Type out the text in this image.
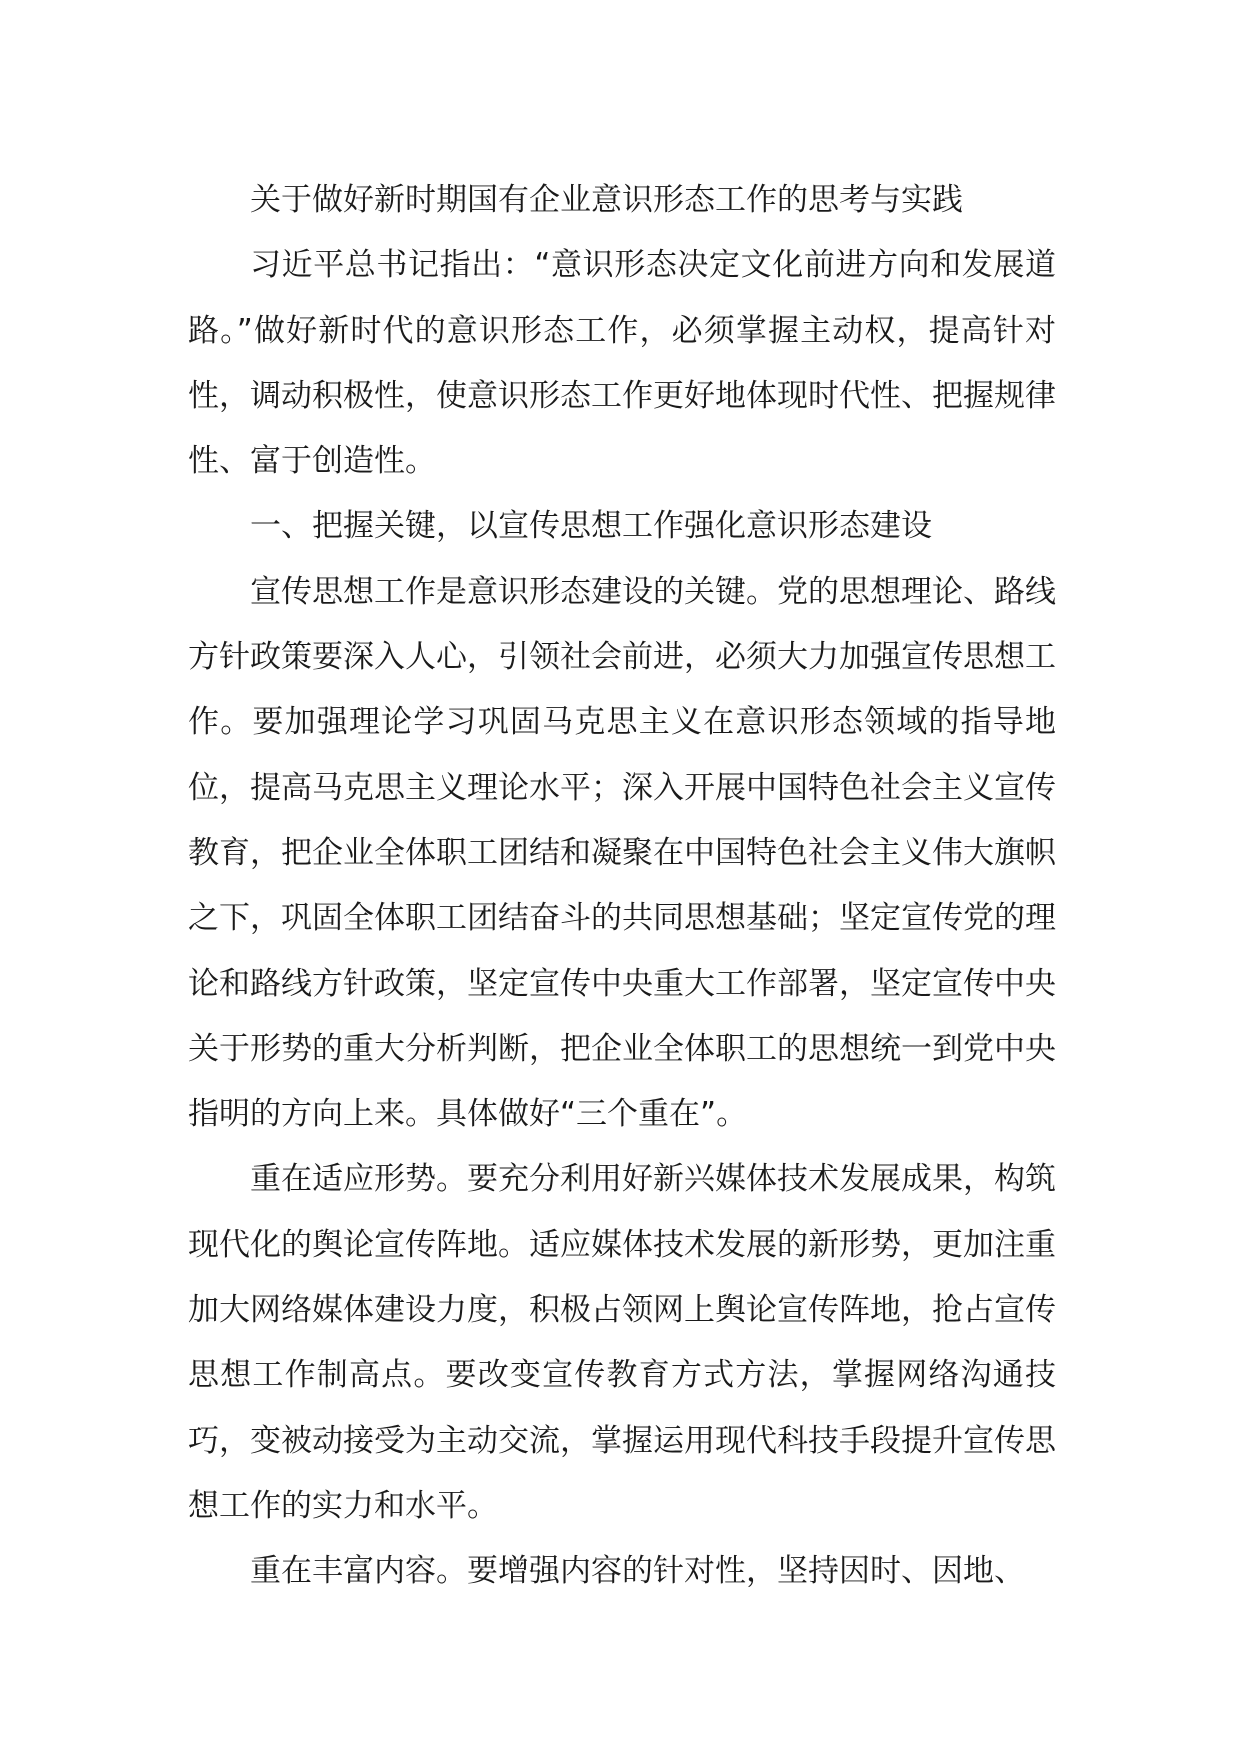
关于做好新时期国有企业意识形态工作的思考与实践

习近平总书记指出：“意识形态决定文化前进方向和发展道路。”做好新时代的意识形态工作，必须掌握主动权，提高针对性，调动积极性，使意识形态工作更好地体现时代性、把握规律性、富于创造性。

一、把握关键，以宣传思想工作强化意识形态建设

宣传思想工作是意识形态建设的关键。党的思想理论、路线方针政策要深入人心，引领社会前进，必须大力加强宣传思想工作。要加强理论学习巩固马克思主义在意识形态领域的指导地位，提高马克思主义理论水平；深入开展中国特色社会主义宣传教育，把企业全体职工团结和凝聚在中国特色社会主义伟大旗帜之下，巩固全体职工团结奋斗的共同思想基础；坚定宣传党的理论和路线方针政策，坚定宣传中央重大工作部署，坚定宣传中央关于形势的重大分析判断，把企业全体职工的思想统一到党中央指明的方向上来。具体做好“三个重在”。

重在适应形势。要充分利用好新兴媒体技术发展成果，构筑现代化的舆论宣传阵地。适应媒体技术发展的新形势，更加注重加大网络媒体建设力度，积极占领网上舆论宣传阵地，抢占宣传思想工作制高点。要改变宣传教育方式方法，掌握网络沟通技巧，变被动接受为主动交流，掌握运用现代科技手段提升宣传思想工作的实力和水平。

重在丰富内容。要增强内容的针对性，坚持因时、因地、
